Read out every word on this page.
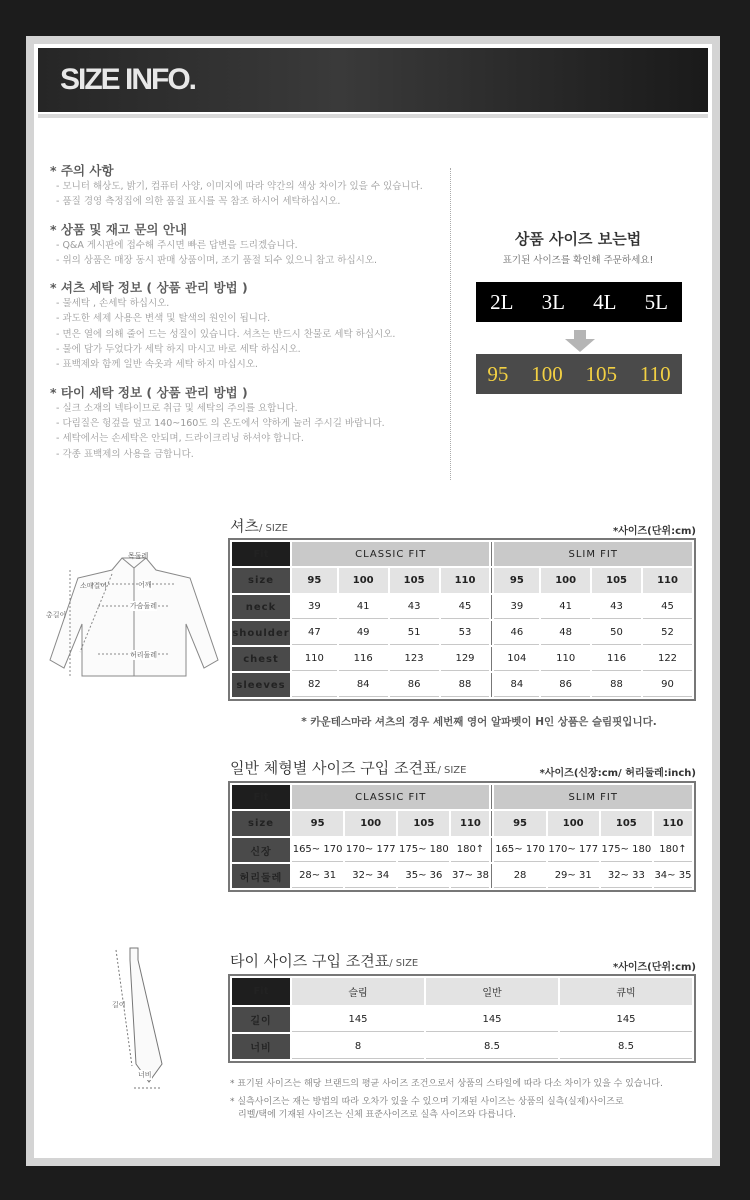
SIZE INFO.
* 주의 사항
- 모니터 해상도, 밝기, 컴퓨터 사양, 이미지에 따라 약간의 색상 차이가 있을 수 있습니다.
- 품질 경영 측정집에 의한 품질 표시를 꼭 참조 하시어 세탁하십시오.
* 상품 및 재고 문의 안내
- Q&A 게시판에 접수해 주시면 빠른 답변을 드리겠습니다.
- 위의 상품은 매장 동시 판매 상품이며, 조기 품절 되수 있으니 참고 하십시오.
* 셔츠 세탁 정보 ( 상품 관리 방법 )
- 물세탁 , 손세탁 하십시오.
- 과도한 세제 사용은 변색 및 탈색의 원인이 됩니다.
- 면은 열에 의해 줄어 드는 성질이 있습니다. 셔츠는 반드시 찬물로 세탁 하십시오.
- 물에 담가 두었다가 세탁 하지 마시고 바로 세탁 하십시오.
- 표백제와 함께 일반 속옷과 세탁 하지 마십시오.
* 타이 세탁 정보 ( 상품 관리 방법 )
- 실크 소재의 넥타이므로 취급 및 세탁의 주의를 요합니다.
- 다림질은 헝겊을 덮고 140~160도 의 온도에서 약하게 눌러 주시길 바랍니다.
- 세탁에서는 손세탁은 안되며, 드라이크리닝 하셔야 합니다.
- 각종 표백제의 사용을 금합니다.
상품 사이즈 보는법
표기된 사이즈를 확인해 주문하세요!
2L 3L 4L 5L
95 100 105 110
목둘레
소매길이	어깨
가슴둘레
총길이
허리둘레
셔츠/ SIZE	*사이즈(단위:cm)
Fit	CLASSIC FIT					SLIM FIT			
size	95	100	105	110		95	100	105	110
neck	39	41	43	45		39	41	43	45
shoulder	47	49	51	53		46	48	50	52
chest	110	116	123	129		104	110	116	122
sleeves	82	84	86	88		84	86	88	90
* 카운테스마라 셔츠의 경우 세번째 영어 알파벳이 H인 상품은 슬림핏입니다.
일반 체형별 사이즈 구입 조견표/ SIZE	*사이즈(신장:cm/ 허리둘레:inch)
Fit	CLASSIC FIT					SLIM FIT			
size	95	100	105	110		95	100	105	110
신장	165~ 170	170~ 177	175~ 180	180↑		165~ 170	170~ 177	175~ 180	180↑
허리둘레	28~ 31	32~ 34	35~ 36	37~ 38		28	29~ 31	32~ 33	34~ 35
길이
너비
타이 사이즈 구입 조견표/ SIZE	*사이즈(단위:cm)
Fit	슬림	일반	큐빅
길이	145	145	145
너비	8	8.5	8.5
* 표기된 사이즈는 해당 브랜드의 평균 사이즈 조건으로서 상품의 스타일에 따라 다소 차이가 있을 수 있습니다.
* 실측사이즈는 재는 방법의 따라 오차가 있을 수 있으며 기재된 사이즈는 상품의 실측(실제)사이즈로
리벨/택에 기재된 사이즈는 신체 표준사이즈로 실측 사이즈와 다릅니다.
